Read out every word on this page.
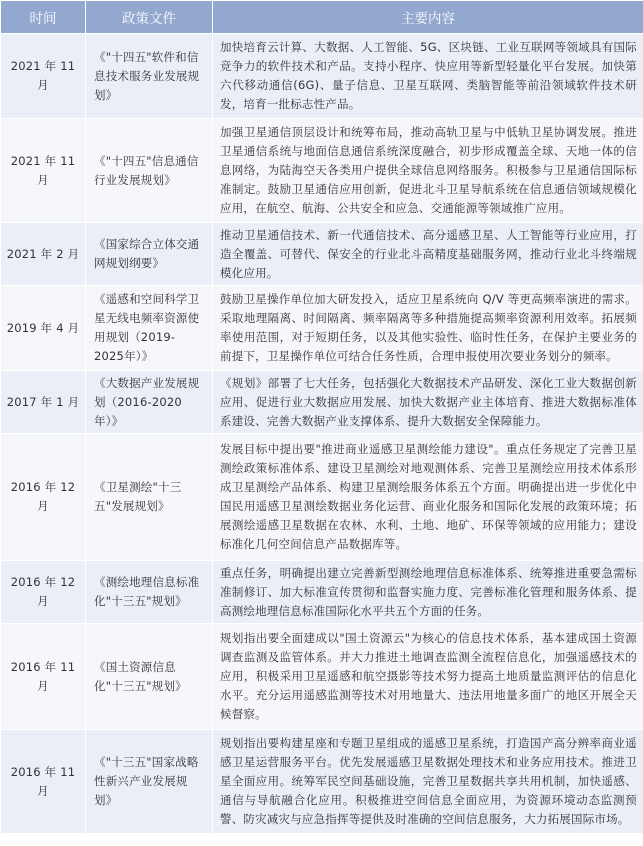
时间	政策文件	主要内容
2021 年 11 月	《"十四五"软件和信息技术服务业发展规划》	加快培育云计算、大数据、人工智能、5G、区块链、工业互联网等领域具有国际竞争力的软件技术和产品。支持小程序、快应用等新型轻量化平台发展。加快第六代移动通信(6G)、量子信息、卫星互联网、类脑智能等前沿领域软件技术研发，培育一批标志性产品。
2021 年 11 月	《"十四五"信息通信行业发展规划》	加强卫星通信顶层设计和统筹布局，推动高轨卫星与中低轨卫星协调发展。推进卫星通信系统与地面信息通信系统深度融合，初步形成覆盖全球、天地一体的信息网络，为陆海空天各类用户提供全球信息网络服务。积极参与卫星通信国际标准制定。鼓励卫星通信应用创新，促进北斗卫星导航系统在信息通信领域规模化应用，在航空、航海、公共安全和应急、交通能源等领域推广应用。
2021 年 2 月	《国家综合立体交通网规划纲要》	推动卫星通信技术、新一代通信技术、高分遥感卫星、人工智能等行业应用，打造全覆盖、可替代、保安全的行业北斗高精度基础服务网，推动行业北斗终端规模化应用。
2019 年 4 月	《遥感和空间科学卫星无线电频率资源使用规划（2019-2025年）》	鼓励卫星操作单位加大研发投入，适应卫星系统向 Q/V 等更高频率演进的需求。采取地理隔离、时间隔离、频率隔离等多种措施提高频率资源利用效率。拓展频率使用范围，对于短期任务，以及其他实验性、临时性任务，在保护主要业务的前提下，卫星操作单位可结合任务性质，合理申报使用次要业务划分的频率。
2017 年 1 月	《大数据产业发展规划（2016-2020 年）》	《规划》部署了七大任务，包括强化大数据技术产品研发、深化工业大数据创新应用、促进行业大数据应用发展、加快大数据产业主体培育、推进大数据标准体系建设、完善大数据产业支撑体系、提升大数据安全保障能力。
2016 年 12 月	《卫星测绘"十三五"发展规划》	发展目标中提出要"推进商业遥感卫星测绘能力建设"。重点任务规定了完善卫星测绘政策标准体系、建设卫星测绘对地观测体系、完善卫星测绘应用技术体系形成卫星测绘产品体系、构建卫星测绘服务体系五个方面。明确提出进一步优化中国民用遥感卫星测绘数据业务化运营、商业化服务和国际化发展的政策环境；拓展测绘遥感卫星数据在农林、水利、土地、地矿、环保等领域的应用能力；建设标准化几何空间信息产品数据库等。
2016 年 12 月	《测绘地理信息标准化"十三五"规划》	重点任务，明确提出建立完善新型测绘地理信息标准体系、统筹推进重要急需标准制修订、加大标准宣传贯彻和监督实施力度、完善标准化管理和服务体系、提高测绘地理信息标准国际化水平共五个方面的任务。
2016 年 11 月	《国土资源信息化"十三五"规划》	规划指出要全面建成以"国土资源云"为核心的信息技术体系，基本建成国土资源调查监测及监管体系。并大力推进土地调查监测全流程信息化，加强遥感技术的应用，积极采用卫星遥感和航空摄影等技术努力提高土地质量监测评估的信息化水平。充分运用遥感监测等技术对用地量大、违法用地量多面广的地区开展全天候督察。
2016 年 11 月	《"十三五"国家战略性新兴产业发展规划》	规划指出要构建星座和专题卫星组成的遥感卫星系统，打造国产高分辨率商业遥感卫星运营服务平台。优先发展遥感卫星数据处理技术和业务应用技术。推进卫星全面应用。统筹军民空间基础设施，完善卫星数据共享共用机制，加快遥感、通信与导航融合化应用。积极推进空间信息全面应用，为资源环境动态监测预警、防灾减灾与应急指挥等提供及时准确的空间信息服务，大力拓展国际市场。
